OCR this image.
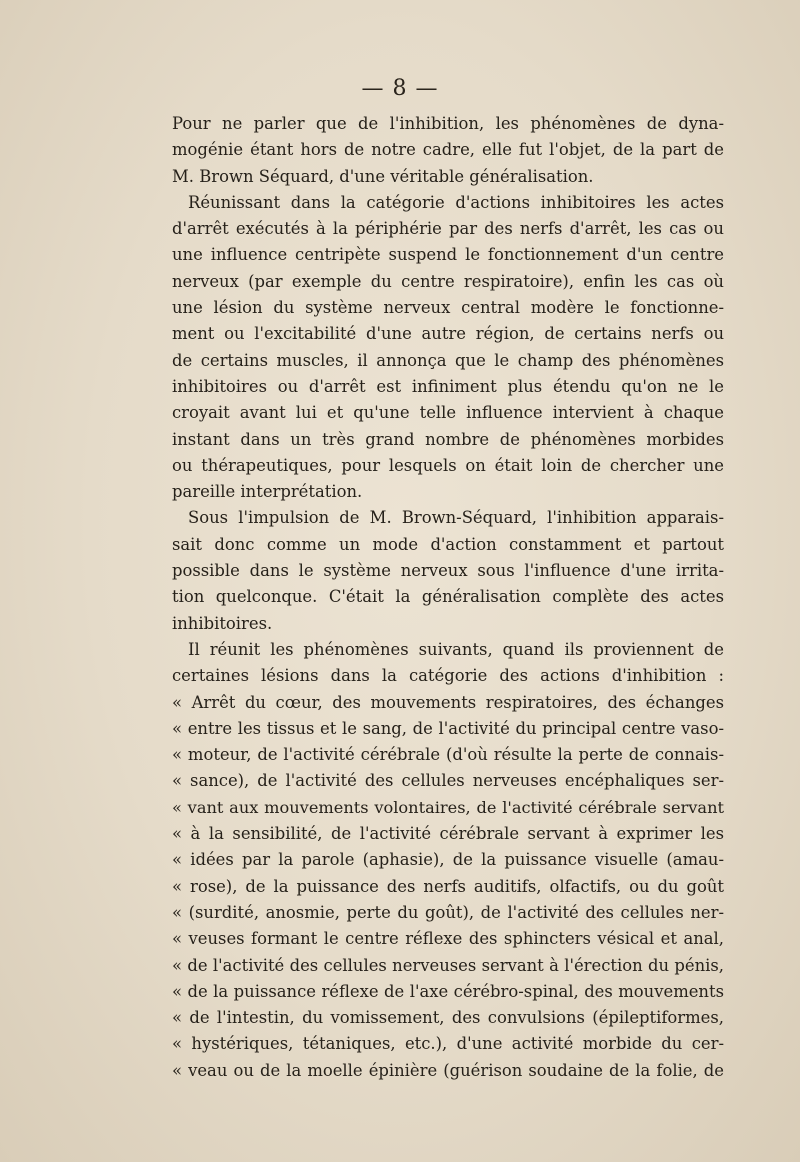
— 8 —
Pour ne parler que de l'inhibition, les phénomènes de dyna-
mogénie étant hors de notre cadre, elle fut l'objet, de la part de
M. Brown Séquard, d'une véritable généralisation.
Réunissant dans la catégorie d'actions inhibitoires les actes
d'arrêt exécutés à la périphérie par des nerfs d'arrêt, les cas ou
une influence centripète suspend le fonctionnement d'un centre
nerveux (par exemple du centre respiratoire), enfin les cas où
une lésion du système nerveux central modère le fonctionne-
ment ou l'excitabilité d'une autre région, de certains nerfs ou
de certains muscles, il annonça que le champ des phénomènes
inhibitoires ou d'arrêt est infiniment plus étendu qu'on ne le
croyait avant lui et qu'une telle influence intervient à chaque
instant dans un très grand nombre de phénomènes morbides
ou thérapeutiques, pour lesquels on était loin de chercher une
pareille interprétation.
Sous l'impulsion de M. Brown-Séquard, l'inhibition apparais-
sait donc comme un mode d'action constamment et partout
possible dans le système nerveux sous l'influence d'une irrita-
tion quelconque. C'était la généralisation complète des actes
inhibitoires.
Il réunit les phénomènes suivants, quand ils proviennent de
certaines lésions dans la catégorie des actions d'inhibition :
« Arrêt du cœur, des mouvements respiratoires, des échanges
« entre les tissus et le sang, de l'activité du principal centre vaso-
« moteur, de l'activité cérébrale (d'où résulte la perte de connais-
« sance), de l'activité des cellules nerveuses encéphaliques ser-
« vant aux mouvements volontaires, de l'activité cérébrale servant
« à la sensibilité, de l'activité cérébrale servant à exprimer les
« idées par la parole (aphasie), de la puissance visuelle (amau-
« rose), de la puissance des nerfs auditifs, olfactifs, ou du goût
« (surdité, anosmie, perte du goût), de l'activité des cellules ner-
« veuses formant le centre réflexe des sphincters vésical et anal,
« de l'activité des cellules nerveuses servant à l'érection du pénis,
« de la puissance réflexe de l'axe cérébro-spinal, des mouvements
« de l'intestin, du vomissement, des convulsions (épileptiformes,
« hystériques, tétaniques, etc.), d'une activité morbide du cer-
« veau ou de la moelle épinière (guérison soudaine de la folie, de
